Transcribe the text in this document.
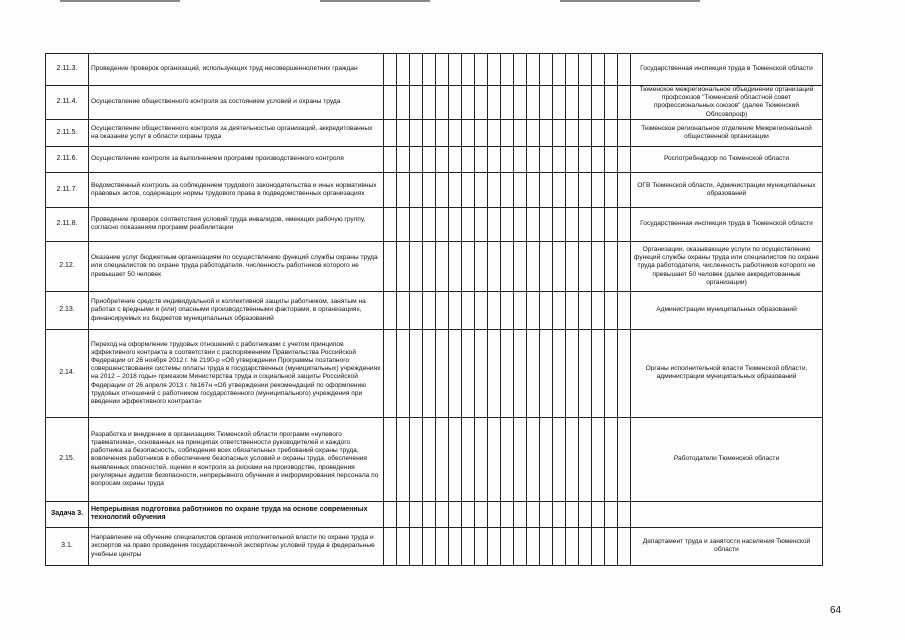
2.11.3.	Проведение проверок организаций, использующих труд несовершеннолетних граждан																				Государственная инспекция труда в Тюменской области
2.11.4.	Осуществление общественного контроля за состоянием условий и охраны труда																				Тюменское межрегиональное объединение организаций профсоюзов "Тюменский областной совет профессиональных союзов" (далее Тюменский Облсовпроф)
2.11.5.	Осуществление общественного контроля за деятельностью организаций, аккредитованных на оказание услуг в области охраны труда																				Тюменское региональное отделение Межрегиональной общественной организации
2.11.6.	Осуществление контроля за выполнением программ производственного контроля																				Роспотребнадзор по Тюменской области
2.11.7.	Ведомственный контроль за соблюдением трудового законодательства и иных нормативных правовых актов, содержащих нормы трудового права в подведомственных организациях																				ОГВ Тюменской области, Администрации муниципальных образований
2.11.8.	Проведение проверок соответствия условий труда инвалидов, имеющих рабочую группу, согласно показаниям программ реабилитации																				Государственная инспекция труда в Тюменской области
2.12.	Оказание услуг бюджетным организациям по осуществлению функций службы охраны труда или специалистов по охране труда работодателя, численность работников которого не превышает 50 человек																				Организации, оказывающие услуги по осуществлению функций службы охраны труда или специалистов по охране труда работодателя, численность работников которого не превышает 50 человек (далее аккредитованные организации)
2.13.	Приобретение средств индивидуальной и коллективной защиты работником, занятым на работах с вредными и (или) опасными производственными факторами, в организациях, финансируемых из бюджетов муниципальных образований																				Администрации муниципальных образований
2.14.	Переход на оформление трудовых отношений с работниками с учетом принципов эффективного контракта в соответствии с распоряжением Правительства Российской Федерации от 26 ноября 2012 г. № 2190-р «Об утверждении Программы поэтапного совершенствования системы оплаты труда в государственных (муниципальных) учреждениях на 2012 – 2018 годы» приказом Министерства труда и социальной защиты Российской Федерации от 26 апреля 2013 г. №167н «Об утверждении рекомендаций по оформлению трудовых отношений с работником государственного (муниципального) учреждения при введении эффективного контракта»																				Органы исполнительной власти Тюменской области, администрации муниципальных образований
2.15.	Разработка и внедрение в организациях Тюменской области программ «нулевого травматизма», основанных на принципах ответственности руководителей и каждого работника за безопасность, соблюдения всех обязательных требований охраны труда, вовлечения работников в обеспечение безопасных условий и охраны труда, обеспечения выявленных опасностей, оценки и контроля за рисками на производстве, проведения регулярных аудитов безопасности, непрерывного обучения и информирования персонала по вопросам охраны труда																				Работодатели Тюменской области
Задача 3.	Непрерывная подготовка работников по охране труда на основе современных технологий обучения																				
3.1.	Направление на обучение специалистов органов исполнительной власти по охране труда и экспертов на право проведения государственной экспертизы условий труда в федеральные учебные центры																				Департамент труда и занятости населения Тюменской области
64
